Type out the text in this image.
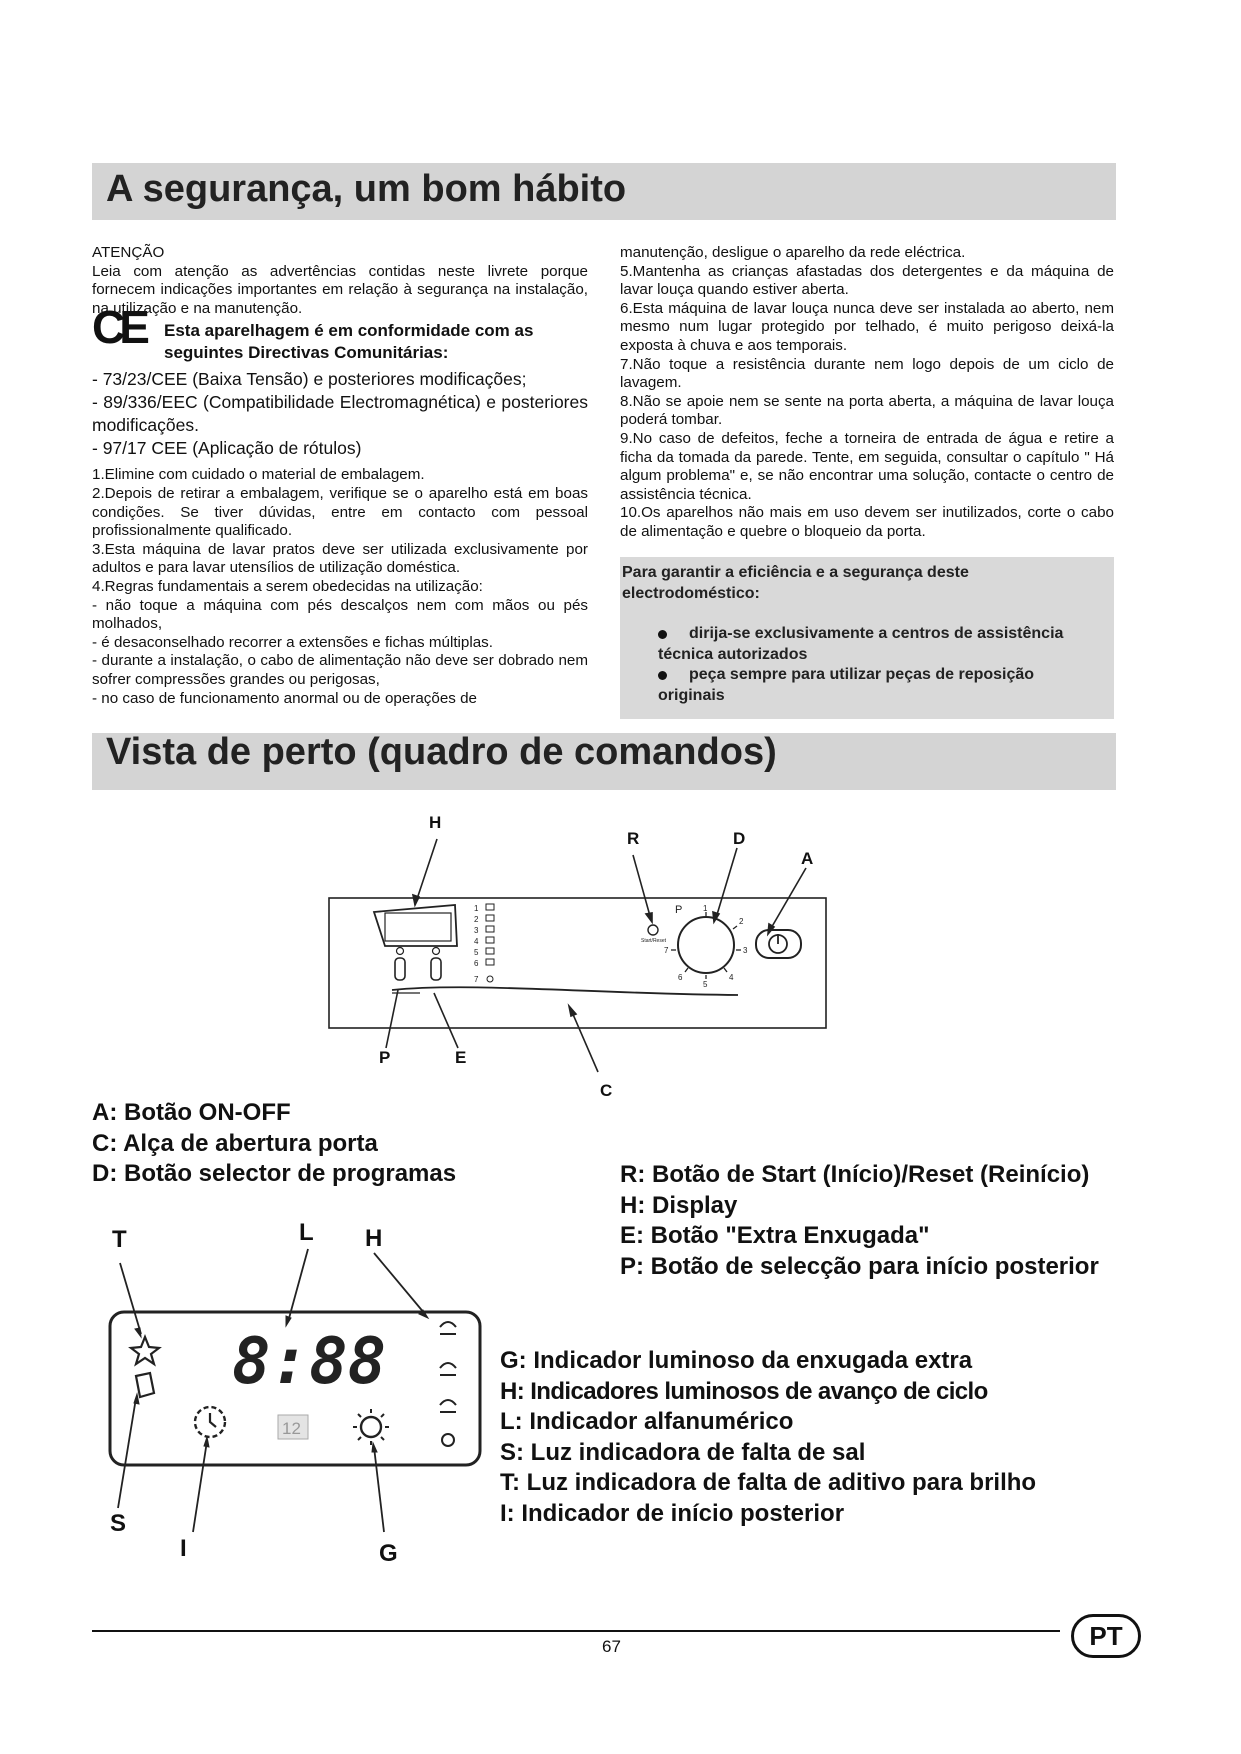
A segurança, um bom hábito

ATENÇÃO

Leia com atenção as advertências contidas neste livrete porque fornecem indicações importantes em relação à segurança na instalação, na utilização e na manutenção.

CE Esta aparelhagem é em conformidade com as

seguintes Directivas Comunitárias:

- 73/23/CEE (Baixa Tensão) e posteriores modificações;

- 89/336/EEC (Compatibilidade Electromagnética) e posteriores modificações.

- 97/17 CEE (Aplicação de rótulos)

1.Elimine com cuidado o material de embalagem.

2.Depois de retirar a embalagem, verifique se o aparelho está em boas condições. Se tiver dúvidas, entre em contacto com pessoal profissionalmente qualificado.

3.Esta máquina de lavar pratos deve ser utilizada exclusivamente por adultos e para lavar utensílios de utilização doméstica.

4.Regras fundamentais a serem obedecidas na utilização:

- não toque a máquina com pés descalços nem com mãos ou pés molhados,

- é desaconselhado recorrer a extensões e fichas múltiplas.

- durante a instalação, o cabo de alimentação não deve ser dobrado nem sofrer compressões grandes ou perigosas,

- no caso de funcionamento anormal ou de operações de

manutenção, desligue o aparelho da rede eléctrica.

5.Mantenha as crianças afastadas dos detergentes e da máquina de lavar louça quando estiver aberta.

6.Esta máquina de lavar louça nunca deve ser instalada ao aberto, nem mesmo num lugar protegido por telhado, é muito perigoso deixá-la exposta à chuva e aos temporais.

7.Não toque a resistência durante nem logo depois de um ciclo de lavagem.

8.Não se apoie nem se sente na porta aberta, a máquina de lavar louça poderá tombar.

9.No caso de defeitos, feche a torneira de entrada de água e retire a ficha da tomada da parede. Tente, em seguida, consultar o capítulo " Há algum problema" e, se não encontrar uma solução, contacte o centro de assistência técnica.

10.Os aparelhos não mais em uso devem ser inutilizados, corte o cabo de alimentação e quebre o bloqueio da porta.

Para garantir a eficiência e a segurança deste electrodoméstico:

dirija-se exclusivamente a centros de assistência técnica autorizados
peça sempre para utilizar peças de reposição originais
Vista de perto (quadro de comandos)
1
2
3
4
5
6
7
1
2
3
4
5
6
7
P
Start/Reset
H
R	D
A
P	E
C

A: Botão ON-OFF

C: Alça de abertura porta

D: Botão selector de programas	R: Botão de Start (Início)/Reset (Reinício)

H: Display

E: Botão "Extra Enxugada"

P: Botão de selecção para início posterior

8:88
12
T	L H
S
I	G

G: Indicador luminoso da enxugada extra

H: Indicadores luminosos de avanço de ciclo

L: Indicador alfanumérico

S: Luz indicadora de falta de sal

T: Luz indicadora de falta de aditivo para brilho

I: Indicador de início posterior

67	PT
